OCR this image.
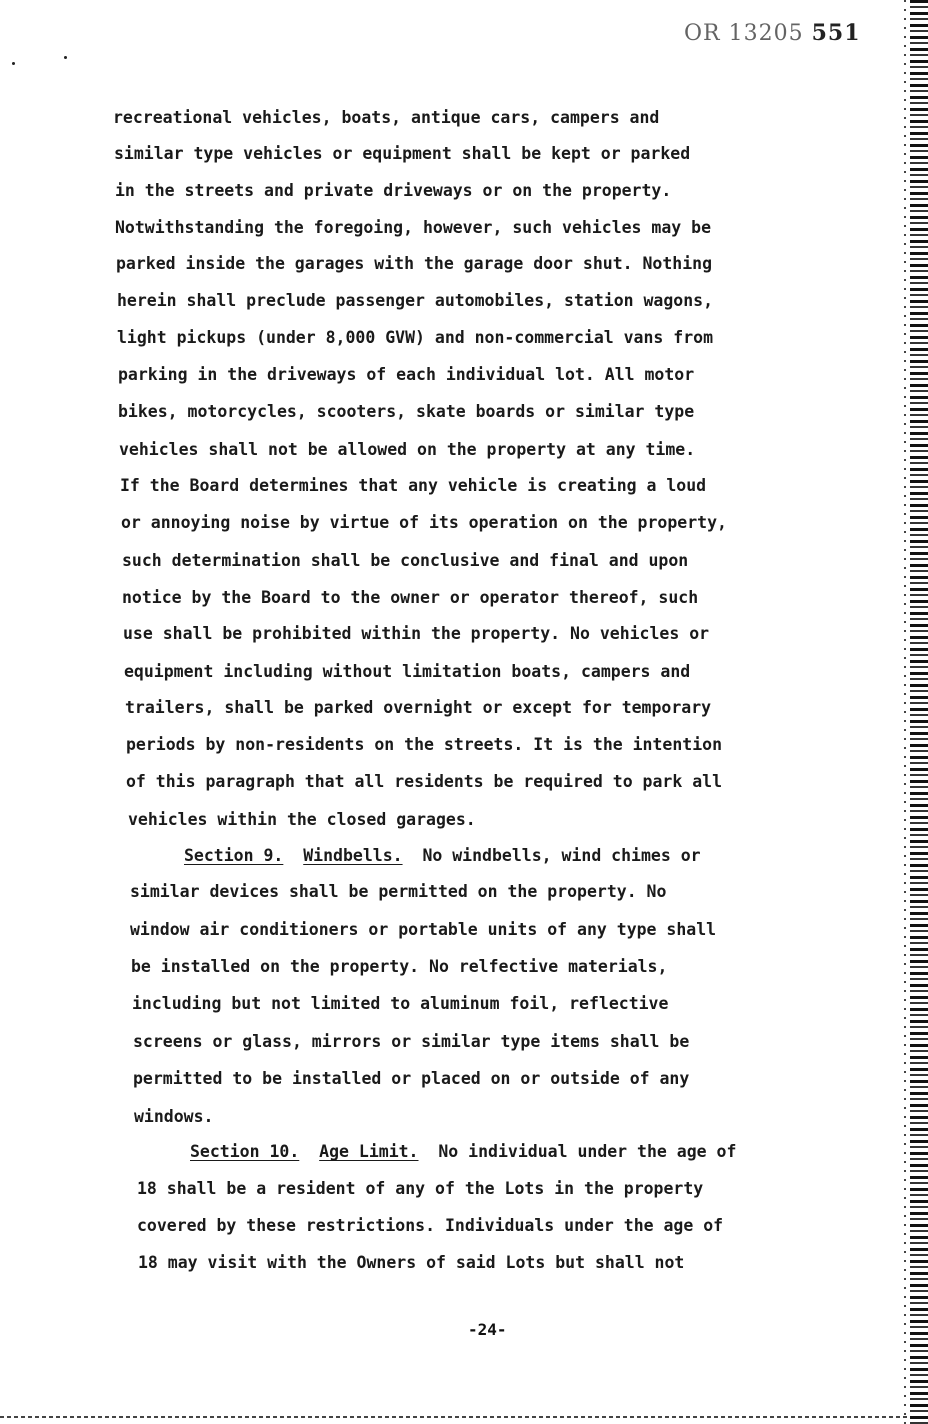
OR 13205 551
recreational vehicles, boats, antique cars, campers and
similar type vehicles or equipment shall be kept or parked
in the streets and private driveways or on the property.
Notwithstanding the foregoing, however, such vehicles may be
parked inside the garages with the garage door shut. Nothing
herein shall preclude passenger automobiles, station wagons,
light pickups (under 8,000 GVW) and non-commercial vans from
parking in the driveways of each individual lot. All motor
bikes, motorcycles, scooters, skate boards or similar type
vehicles shall not be allowed on the property at any time.
If the Board determines that any vehicle is creating a loud
or annoying noise by virtue of its operation on the property,
such determination shall be conclusive and final and upon
notice by the Board to the owner or operator thereof, such
use shall be prohibited within the property. No vehicles or
equipment including without limitation boats, campers and
trailers, shall be parked overnight or except for temporary
periods by non-residents on the streets. It is the intention
of this paragraph that all residents be required to park all
vehicles within the closed garages.
Section 9. Windbells. No windbells, wind chimes or
similar devices shall be permitted on the property. No
window air conditioners or portable units of any type shall
be installed on the property. No relfective materials,
including but not limited to aluminum foil, reflective
screens or glass, mirrors or similar type items shall be
permitted to be installed or placed on or outside of any
windows.
Section 10. Age Limit. No individual under the age of
18 shall be a resident of any of the Lots in the property
covered by these restrictions. Individuals under the age of
18 may visit with the Owners of said Lots but shall not
-24-
